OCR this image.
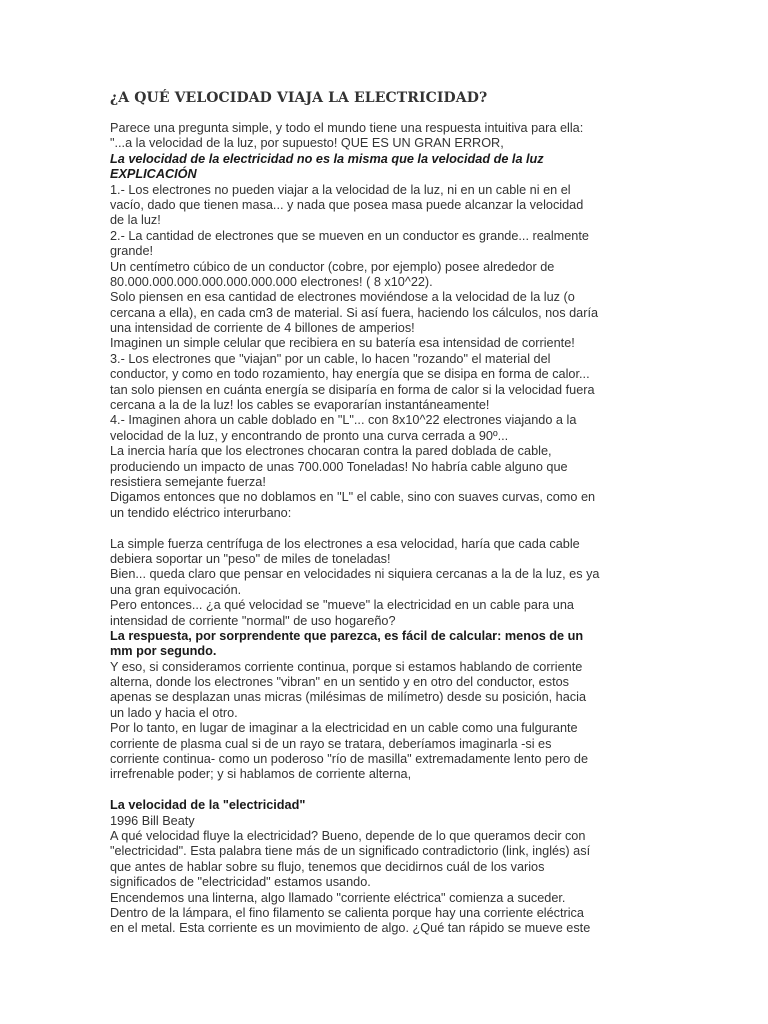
¿A QUÉ VELOCIDAD VIAJA LA ELECTRICIDAD?
Parece una pregunta simple, y todo el mundo tiene una respuesta intuitiva para ella:
"...a la velocidad de la luz, por supuesto! QUE ES UN GRAN ERROR,
La velocidad de la electricidad no es la misma que la velocidad de la luz
EXPLICACIÓN
1.- Los electrones no pueden viajar a la velocidad de la luz, ni en un cable ni en el
vacío, dado que tienen masa... y nada que posea masa puede alcanzar la velocidad
de la luz!
2.- La cantidad de electrones que se mueven en un conductor es grande... realmente
grande!
Un centímetro cúbico de un conductor (cobre, por ejemplo) posee alrededor de
80.000.000.000.000.000.000.000 electrones! ( 8 x10^22).
Solo piensen en esa cantidad de electrones moviéndose a la velocidad de la luz (o
cercana a ella), en cada cm3 de material. Si así fuera, haciendo los cálculos, nos daría
una intensidad de corriente de 4 billones de amperios!
Imaginen un simple celular que recibiera en su batería esa intensidad de corriente!
3.- Los electrones que "viajan" por un cable, lo hacen "rozando" el material del
conductor, y como en todo rozamiento, hay energía que se disipa en forma de calor...
tan solo piensen en cuánta energía se disiparía en forma de calor si la velocidad fuera
cercana a la de la luz! los cables se evaporarían instantáneamente!
4.- Imaginen ahora un cable doblado en "L"... con 8x10^22 electrones viajando a la
velocidad de la luz, y encontrando de pronto una curva cerrada a 90º...
La inercia haría que los electrones chocaran contra la pared doblada de cable,
produciendo un impacto de unas 700.000 Toneladas! No habría cable alguno que
resistiera semejante fuerza!
Digamos entonces que no doblamos en "L" el cable, sino con suaves curvas, como en
un tendido eléctrico interurbano:
La simple fuerza centrífuga de los electrones a esa velocidad, haría que cada cable
debiera soportar un "peso" de miles de toneladas!
Bien... queda claro que pensar en velocidades ni siquiera cercanas a la de la luz, es ya
una gran equivocación.
Pero entonces... ¿a qué velocidad se "mueve" la electricidad en un cable para una
intensidad de corriente "normal" de uso hogareño?
La respuesta, por sorprendente que parezca, es fácil de calcular: menos de un
mm por segundo.
Y eso, si consideramos corriente continua, porque si estamos hablando de corriente
alterna, donde los electrones "vibran" en un sentido y en otro del conductor, estos
apenas se desplazan unas micras (milésimas de milímetro) desde su posición, hacia
un lado y hacia el otro.
Por lo tanto, en lugar de imaginar a la electricidad en un cable como una fulgurante
corriente de plasma cual si de un rayo se tratara, deberíamos imaginarla -si es
corriente continua- como un poderoso "río de masilla" extremadamente lento pero de
irrefrenable poder; y si hablamos de corriente alterna,
La velocidad de la "electricidad"
1996 Bill Beaty
A qué velocidad fluye la electricidad? Bueno, depende de lo que queramos decir con
"electricidad". Esta palabra tiene más de un significado contradictorio (link, inglés) así
que antes de hablar sobre su flujo, tenemos que decidirnos cuál de los varios
significados de "electricidad" estamos usando.
Encendemos una linterna, algo llamado "corriente eléctrica" comienza a suceder.
Dentro de la lámpara, el fino filamento se calienta porque hay una corriente eléctrica
en el metal. Esta corriente es un movimiento de algo. ¿Qué tan rápido se mueve este
